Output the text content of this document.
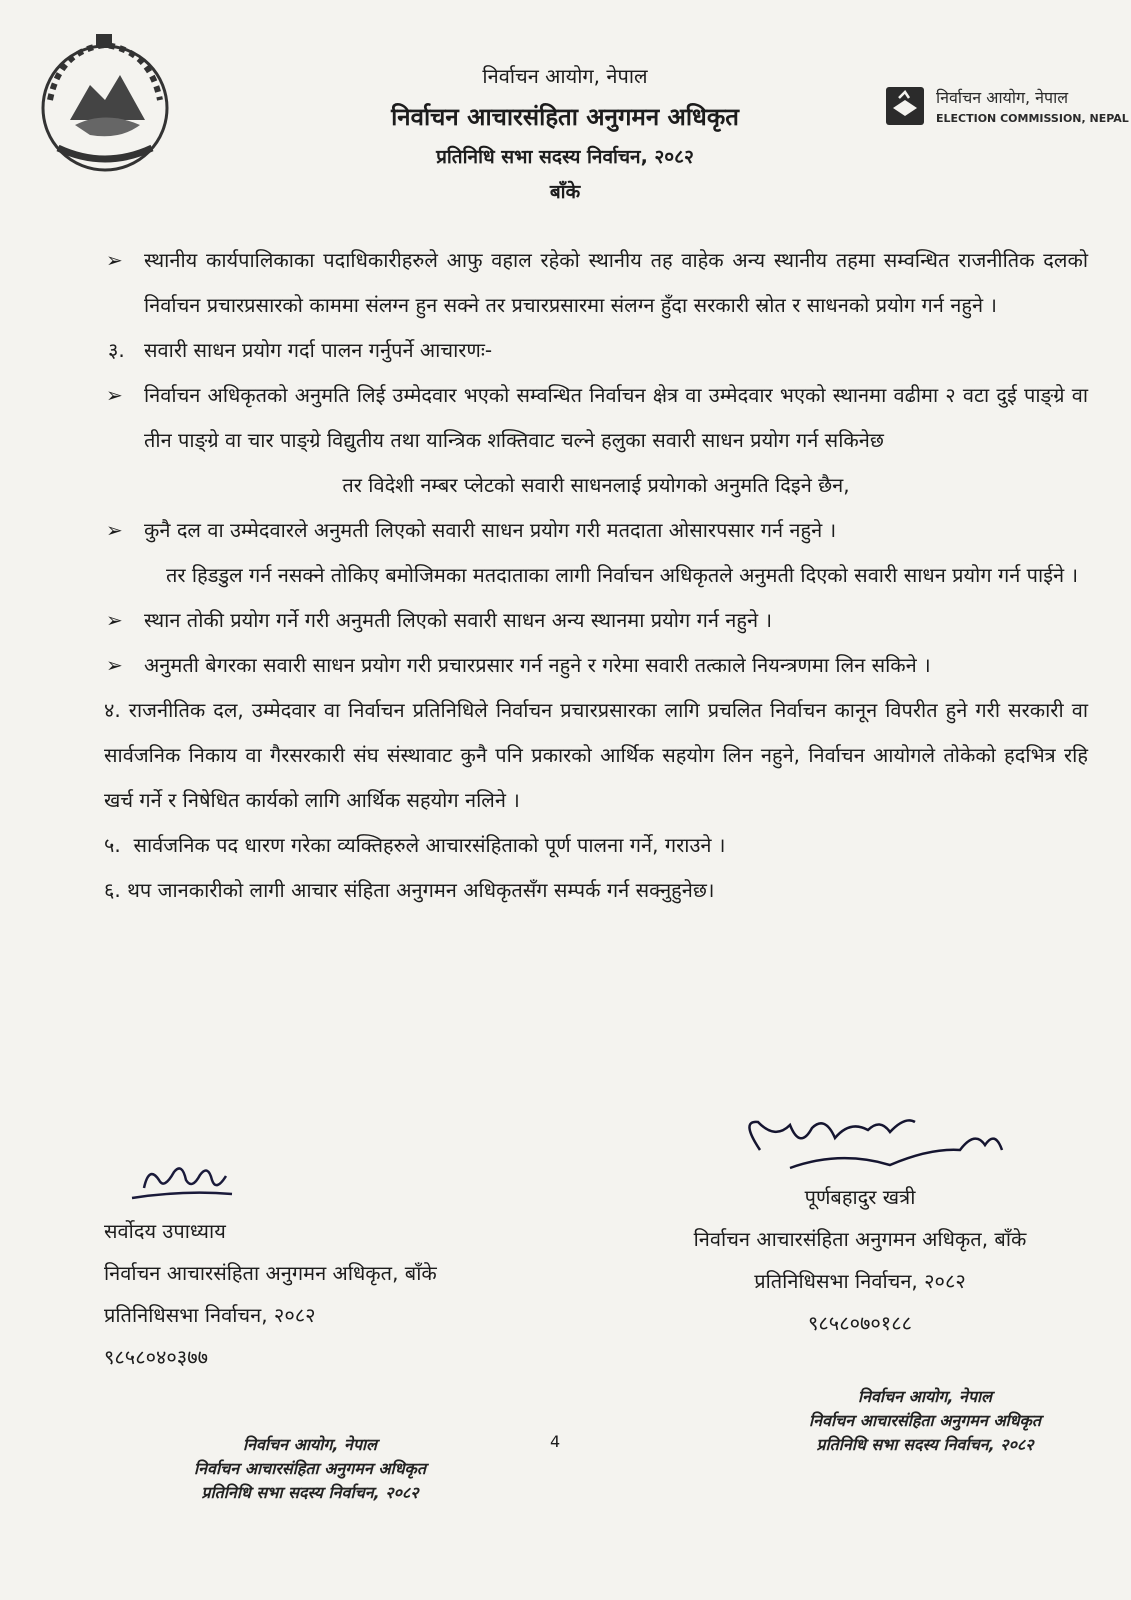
निर्वाचन आयोग, नेपाल
निर्वाचन आचारसंहिता अनुगमन अधिकृत
प्रतिनिधि सभा सदस्य निर्वाचन, २०८२
बाँके
निर्वाचन आयोग, नेपाल
ELECTION COMMISSION, NEPAL

➢ स्थानीय कार्यपालिकाका पदाधिकारीहरुले आफु वहाल रहेको स्थानीय तह वाहेक अन्य स्थानीय तहमा सम्वन्धित राजनीतिक दलको निर्वाचन प्रचारप्रसारको काममा संलग्न हुन सक्ने तर प्रचारप्रसारमा संलग्न हुँदा सरकारी स्रोत र साधनको प्रयोग गर्न नहुने ।

३. सवारी साधन प्रयोग गर्दा पालन गर्नुपर्ने आचारणः-

➢ निर्वाचन अधिकृतको अनुमति लिई उम्मेदवार भएको सम्वन्धित निर्वाचन क्षेत्र वा उम्मेदवार भएको स्थानमा वढीमा २ वटा दुई पाङ्ग्रे वा तीन पाङ्ग्रे वा चार पाङ्ग्रे विद्युतीय तथा यान्त्रिक शक्तिवाट चल्ने हलुका सवारी साधन प्रयोग गर्न सकिनेछ

तर विदेशी नम्बर प्लेटको सवारी साधनलाई प्रयोगको अनुमति दिइने छैन,

➢ कुनै दल वा उम्मेदवारले अनुमती लिएको सवारी साधन प्रयोग गरी मतदाता ओसारपसार गर्न नहुने ।

तर हिडडुल गर्न नसक्ने तोकिए बमोजिमका मतदाताका लागी निर्वाचन अधिकृतले अनुमती दिएको सवारी साधन प्रयोग गर्न पाईने ।

➢ स्थान तोकी प्रयोग गर्ने गरी अनुमती लिएको सवारी साधन अन्य स्थानमा प्रयोग गर्न नहुने ।

➢ अनुमती बेगरका सवारी साधन प्रयोग गरी प्रचारप्रसार गर्न नहुने र गरेमा सवारी तत्काले नियन्त्रणमा लिन सकिने ।

४. राजनीतिक दल, उम्मेदवार वा निर्वाचन प्रतिनिधिले निर्वाचन प्रचारप्रसारका लागि प्रचलित निर्वाचन कानून विपरीत हुने गरी सरकारी वा सार्वजनिक निकाय वा गैरसरकारी संघ संस्थावाट कुनै पनि प्रकारको आर्थिक सहयोग लिन नहुने, निर्वाचन आयोगले तोकेको हदभित्र रहि खर्च गर्ने र निषेधित कार्यको लागि आर्थिक सहयोग नलिने ।

५. सार्वजनिक पद धारण गरेका व्यक्तिहरुले आचारसंहिताको पूर्ण पालना गर्ने, गराउने ।

६. थप जानकारीको लागी आचार संहिता अनुगमन अधिकृतसँग सम्पर्क गर्न सक्नुहुनेछ।

सर्वोदय उपाध्याय
निर्वाचन आचारसंहिता अनुगमन अधिकृत, बाँके
प्रतिनिधिसभा निर्वाचन, २०८२
९८५८०४०३७७
पूर्णबहादुर खत्री
निर्वाचन आचारसंहिता अनुगमन अधिकृत, बाँके
प्रतिनिधिसभा निर्वाचन, २०८२
९८५८०७०१८८
निर्वाचन आयोग, नेपाल
निर्वाचन आचारसंहिता अनुगमन अधिकृत
प्रतिनिधि सभा सदस्य निर्वाचन, २०८२
4
निर्वाचन आयोग, नेपाल
निर्वाचन आचारसंहिता अनुगमन अधिकृत
प्रतिनिधि सभा सदस्य निर्वाचन, २०८२
